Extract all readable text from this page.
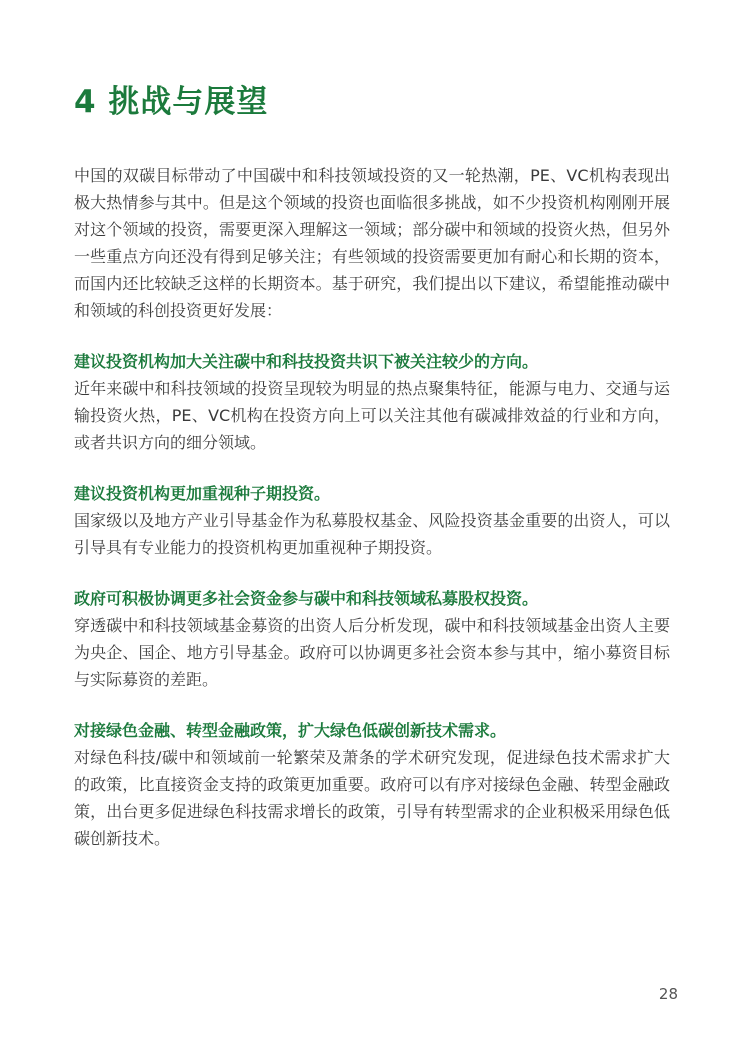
4 挑战与展望

中国的双碳目标带动了中国碳中和科技领域投资的又一轮热潮，PE、VC机构表现出极大热情参与其中。但是这个领域的投资也面临很多挑战，如不少投资机构刚刚开展对这个领域的投资，需要更深入理解这一领域；部分碳中和领域的投资火热，但另外一些重点方向还没有得到足够关注；有些领域的投资需要更加有耐心和长期的资本，而国内还比较缺乏这样的长期资本。基于研究，我们提出以下建议，希望能推动碳中和领域的科创投资更好发展：

建议投资机构加大关注碳中和科技投资共识下被关注较少的方向。

近年来碳中和科技领域的投资呈现较为明显的热点聚集特征，能源与电力、交通与运输投资火热，PE、VC机构在投资方向上可以关注其他有碳减排效益的行业和方向，或者共识方向的细分领域。

建议投资机构更加重视种子期投资。

国家级以及地方产业引导基金作为私募股权基金、风险投资基金重要的出资人，可以引导具有专业能力的投资机构更加重视种子期投资。

政府可积极协调更多社会资金参与碳中和科技领域私募股权投资。

穿透碳中和科技领域基金募资的出资人后分析发现，碳中和科技领域基金出资人主要为央企、国企、地方引导基金。政府可以协调更多社会资本参与其中，缩小募资目标与实际募资的差距。

对接绿色金融、转型金融政策，扩大绿色低碳创新技术需求。

对绿色科技/碳中和领域前一轮繁荣及萧条的学术研究发现，促进绿色技术需求扩大的政策，比直接资金支持的政策更加重要。政府可以有序对接绿色金融、转型金融政策，出台更多促进绿色科技需求增长的政策，引导有转型需求的企业积极采用绿色低碳创新技术。

28
